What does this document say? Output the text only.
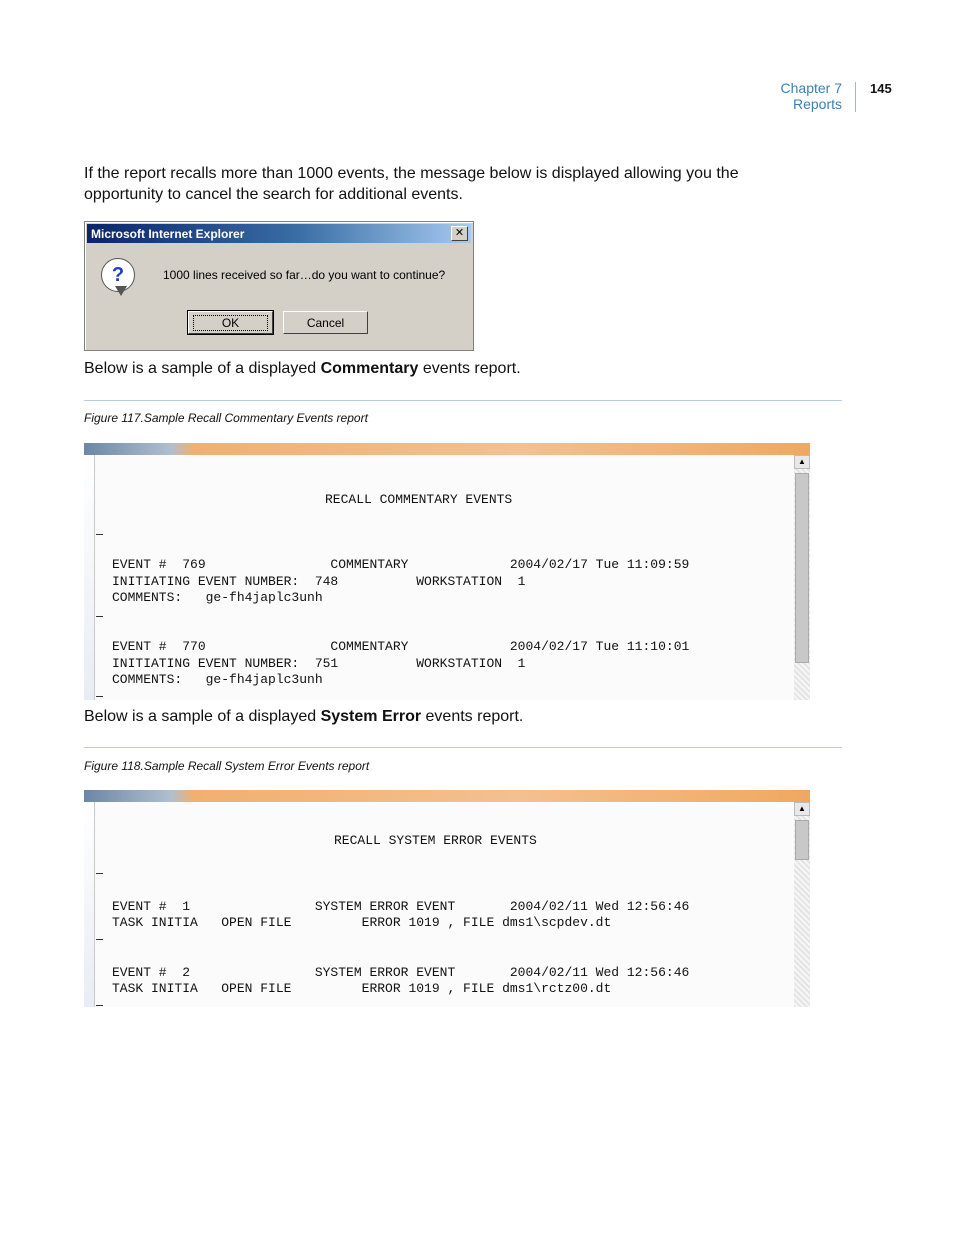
Chapter 7
Reports
145
If the report recalls more than 1000 events, the message below is displayed allowing you the
opportunity to cancel the search for additional events.
Microsoft Internet Explorer	✕
?	1000 lines received so far…do you want to continue?
OK	Cancel
Below is a sample of a displayed Commentary events report.
Figure 117.Sample Recall Commentary Events report
RECALL COMMENTARY EVENTS
EVENT #  769                COMMENTARY             2004/02/17 Tue 11:09:59
INITIATING EVENT NUMBER:  748          WORKSTATION  1
COMMENTS:   ge-fh4japlc3unh
EVENT #  770                COMMENTARY             2004/02/17 Tue 11:10:01
INITIATING EVENT NUMBER:  751          WORKSTATION  1
COMMENTS:   ge-fh4japlc3unh
▲
Below is a sample of a displayed System Error events report.
Figure 118.Sample Recall System Error Events report
RECALL SYSTEM ERROR EVENTS
EVENT #  1                SYSTEM ERROR EVENT       2004/02/11 Wed 12:56:46
TASK INITIA   OPEN FILE         ERROR 1019 , FILE dms1\scpdev.dt
EVENT #  2                SYSTEM ERROR EVENT       2004/02/11 Wed 12:56:46
TASK INITIA   OPEN FILE         ERROR 1019 , FILE dms1\rctz00.dt
▲
